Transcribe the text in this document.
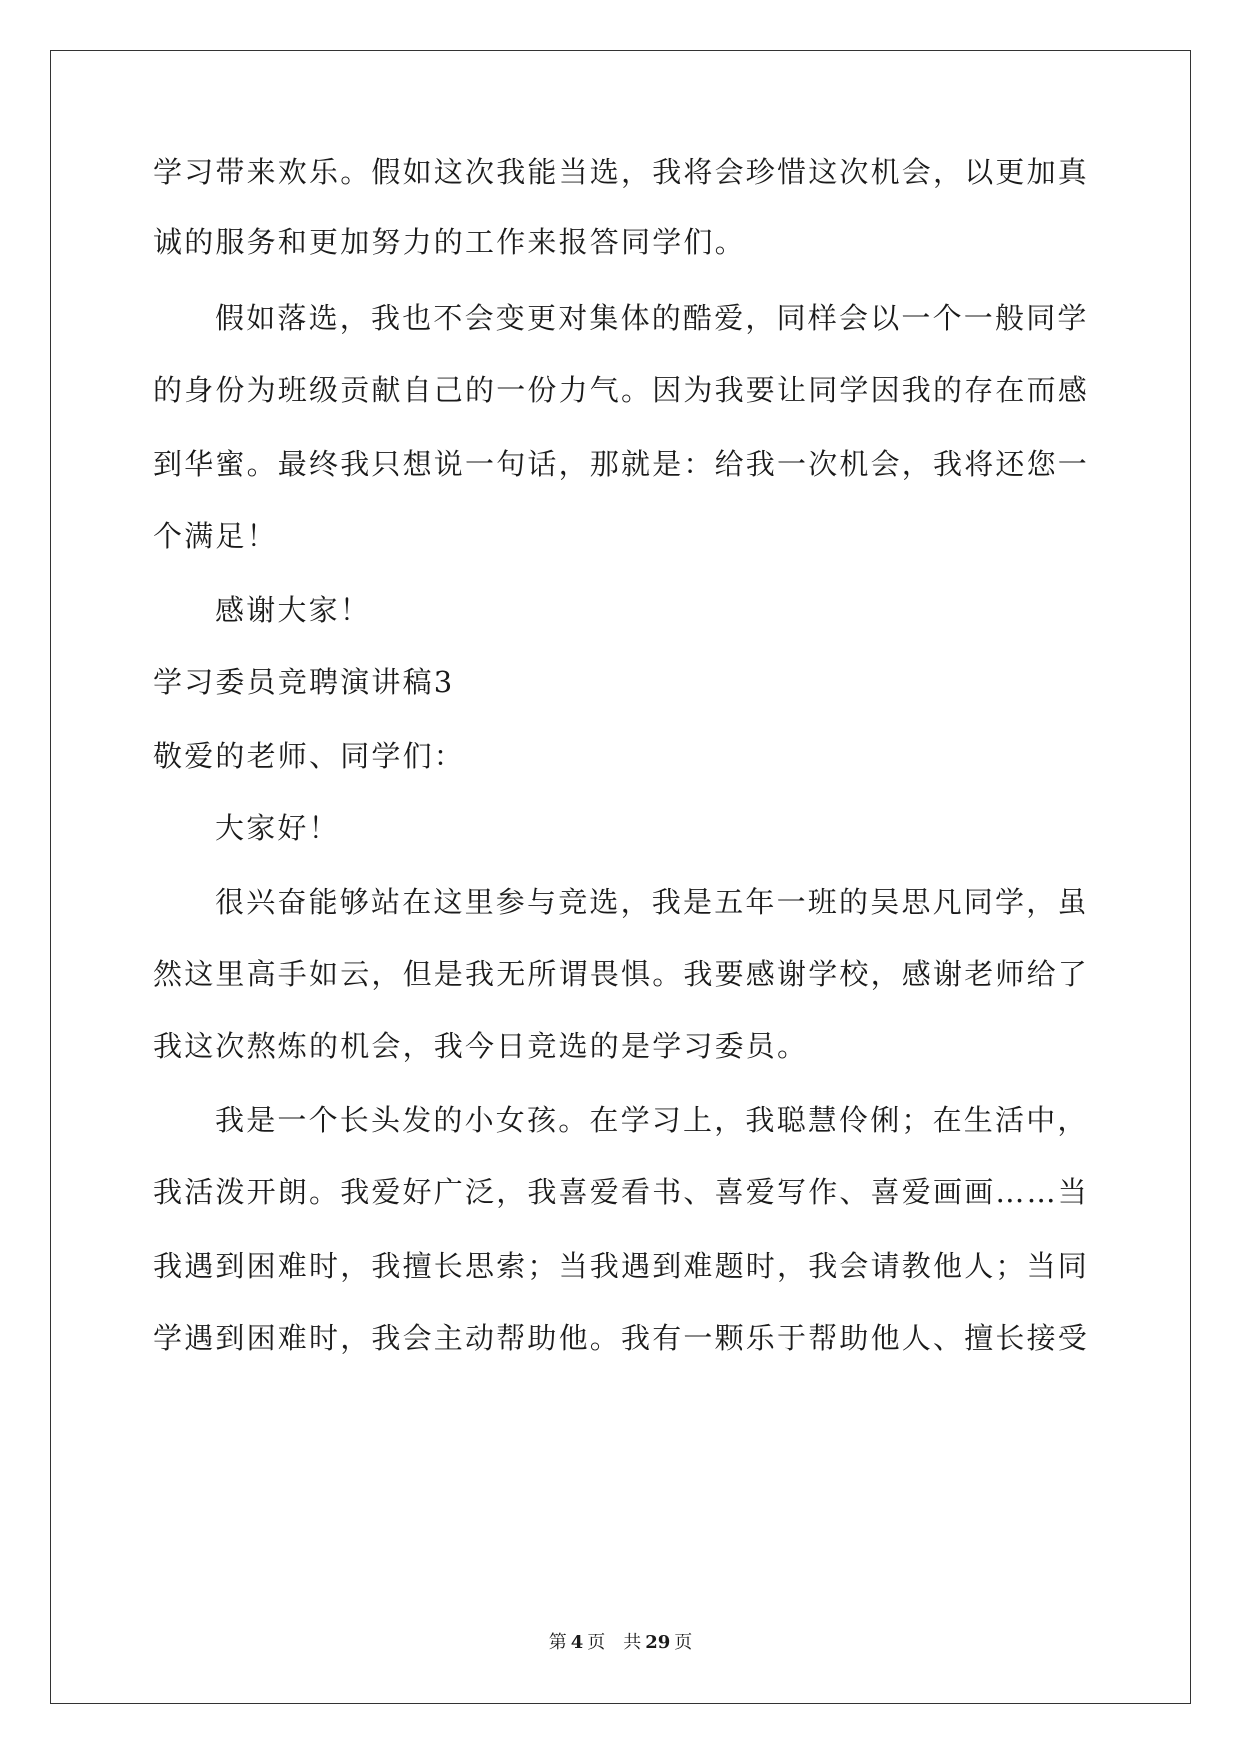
学习带来欢乐。假如这次我能当选，我将会珍惜这次机会，以更加真
诚的服务和更加努力的工作来报答同学们。
假如落选，我也不会变更对集体的酷爱，同样会以一个一般同学
的身份为班级贡献自己的一份力气。因为我要让同学因我的存在而感
到华蜜。最终我只想说一句话，那就是：给我一次机会，我将还您一
个满足！
感谢大家！
学习委员竞聘演讲稿3
敬爱的老师、同学们：
大家好！
很兴奋能够站在这里参与竞选，我是五年一班的吴思凡同学，虽
然这里高手如云，但是我无所谓畏惧。我要感谢学校，感谢老师给了
我这次熬炼的机会，我今日竞选的是学习委员。
我是一个长头发的小女孩。在学习上，我聪慧伶俐；在生活中，
我活泼开朗。我爱好广泛，我喜爱看书、喜爱写作、喜爱画画……当
我遇到困难时，我擅长思索；当我遇到难题时，我会请教他人；当同
学遇到困难时，我会主动帮助他。我有一颗乐于帮助他人、擅长接受
第 4 页 共 29 页
